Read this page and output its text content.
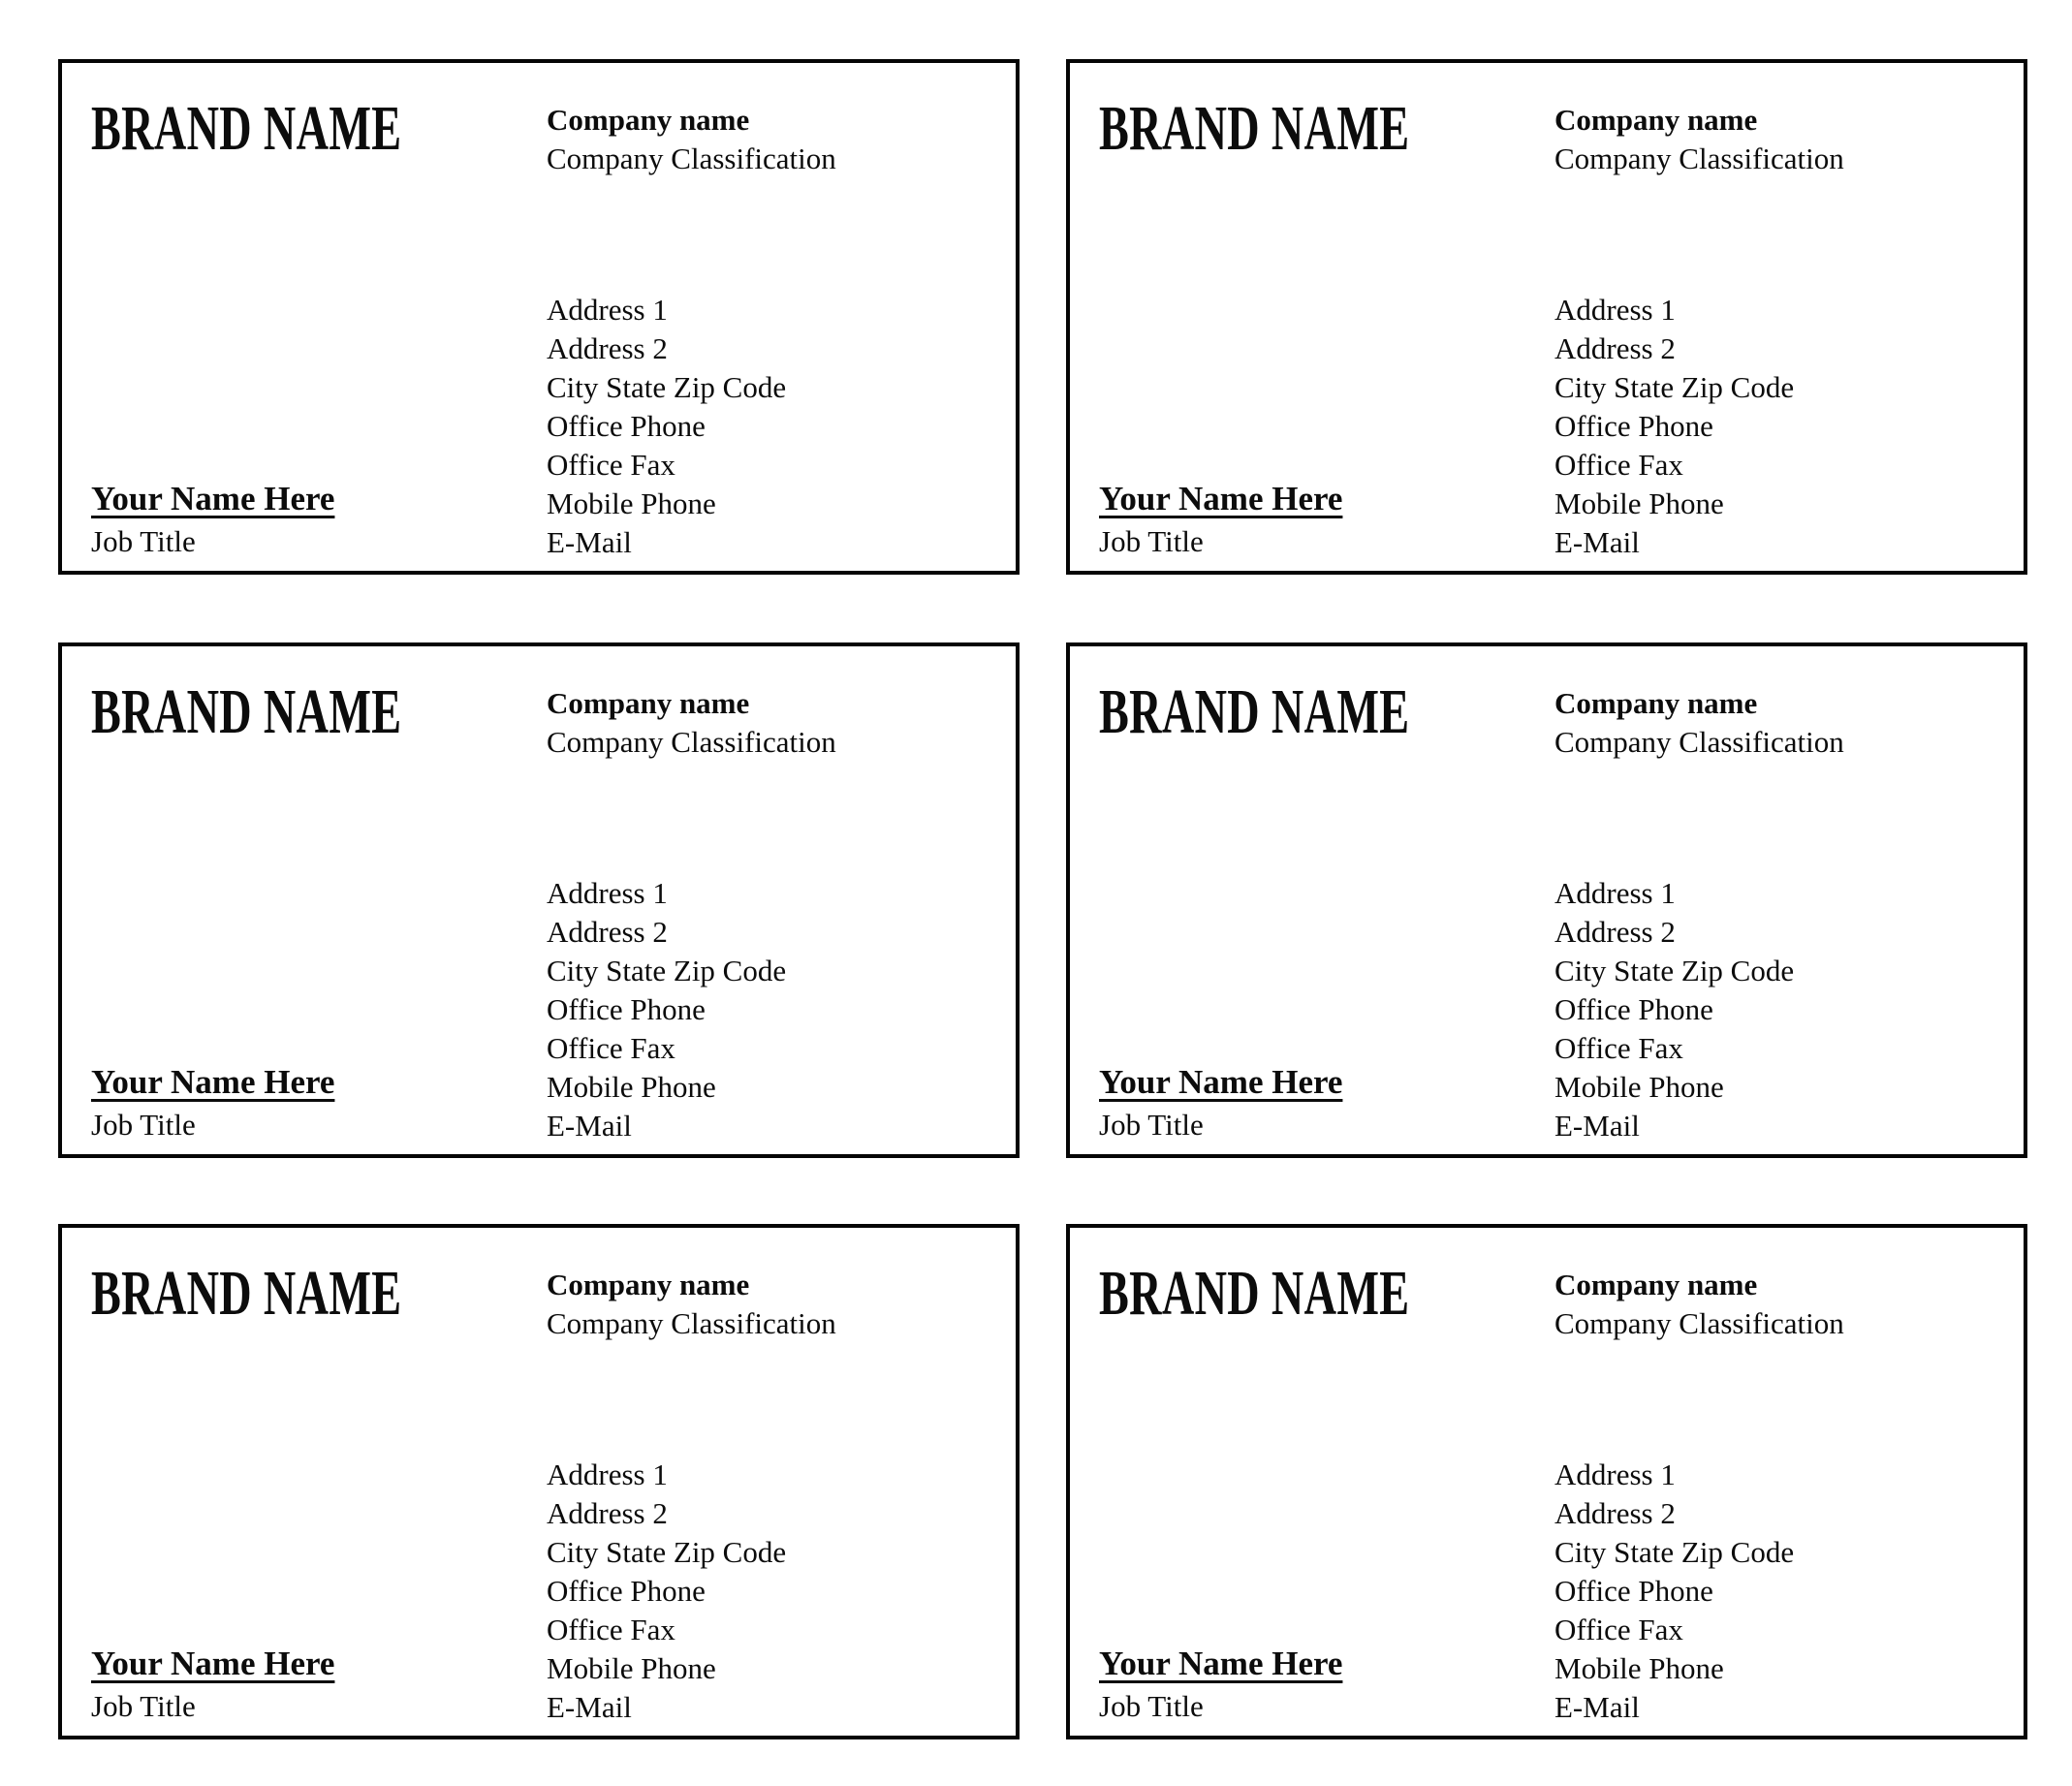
BRAND NAME	Company name
Company Classification
Address 1
Address 2
City State Zip Code
Office Phone
Office Fax
Mobile Phone
E-Mail
Your Name Here
Job Title
BRAND NAME	Company name
Company Classification
Address 1
Address 2
City State Zip Code
Office Phone
Office Fax
Mobile Phone
E-Mail
Your Name Here
Job Title
BRAND NAME	Company name
Company Classification
Address 1
Address 2
City State Zip Code
Office Phone
Office Fax
Mobile Phone
E-Mail
Your Name Here
Job Title
BRAND NAME	Company name
Company Classification
Address 1
Address 2
City State Zip Code
Office Phone
Office Fax
Mobile Phone
E-Mail
Your Name Here
Job Title
BRAND NAME	Company name
Company Classification
Address 1
Address 2
City State Zip Code
Office Phone
Office Fax
Mobile Phone
E-Mail
Your Name Here
Job Title
BRAND NAME	Company name
Company Classification
Address 1
Address 2
City State Zip Code
Office Phone
Office Fax
Mobile Phone
E-Mail
Your Name Here
Job Title
